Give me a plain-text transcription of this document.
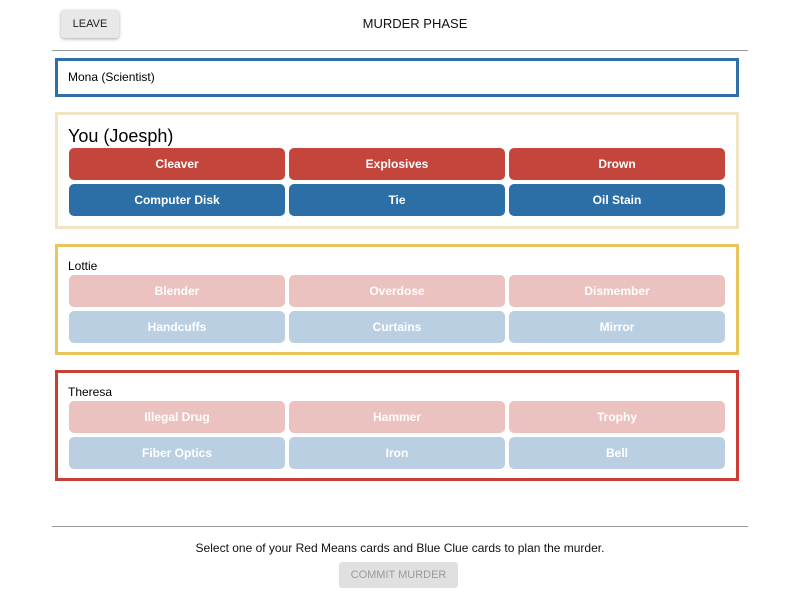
LEAVE	MURDER PHASE
Mona (Scientist)
You (Joesph)
Cleaver	Explosives	Drown
Computer Disk	Tie	Oil Stain
Lottie
Blender	Overdose	Dismember
Handcuffs	Curtains	Mirror
Theresa
Illegal Drug	Hammer	Trophy
Fiber Optics	Iron	Bell
Select one of your Red Means cards and Blue Clue cards to plan the murder.
COMMIT MURDER
